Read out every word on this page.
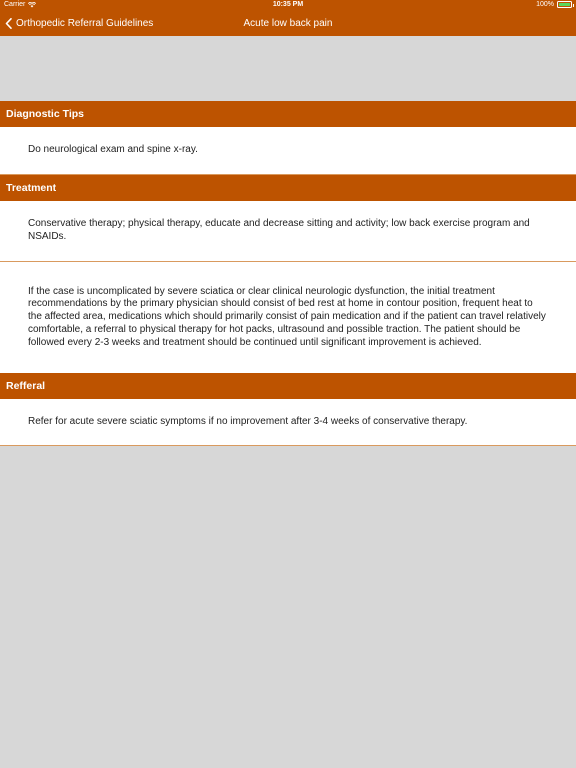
Carrier	10:35 PM	100%
Orthopedic Referral Guidelines	Acute low back pain
Diagnostic Tips

Do neurological exam and spine x-ray.

Treatment

Conservative therapy; physical therapy, educate and decrease sitting and activity; low back exercise program and NSAIDs.

If the case is uncomplicated by severe sciatica or clear clinical neurologic dysfunction, the initial treatment recommendations by the primary physician should consist of bed rest at home in contour position, frequent heat to the affected area, medications which should primarily consist of pain medication and if the patient can travel relatively comfortable, a referral to physical therapy for hot packs, ultrasound and possible traction. The patient should be followed every 2-3 weeks and treatment should be continued until significant improvement is achieved.

Refferal

Refer for acute severe sciatic symptoms if no improvement after 3-4 weeks of conservative therapy.
